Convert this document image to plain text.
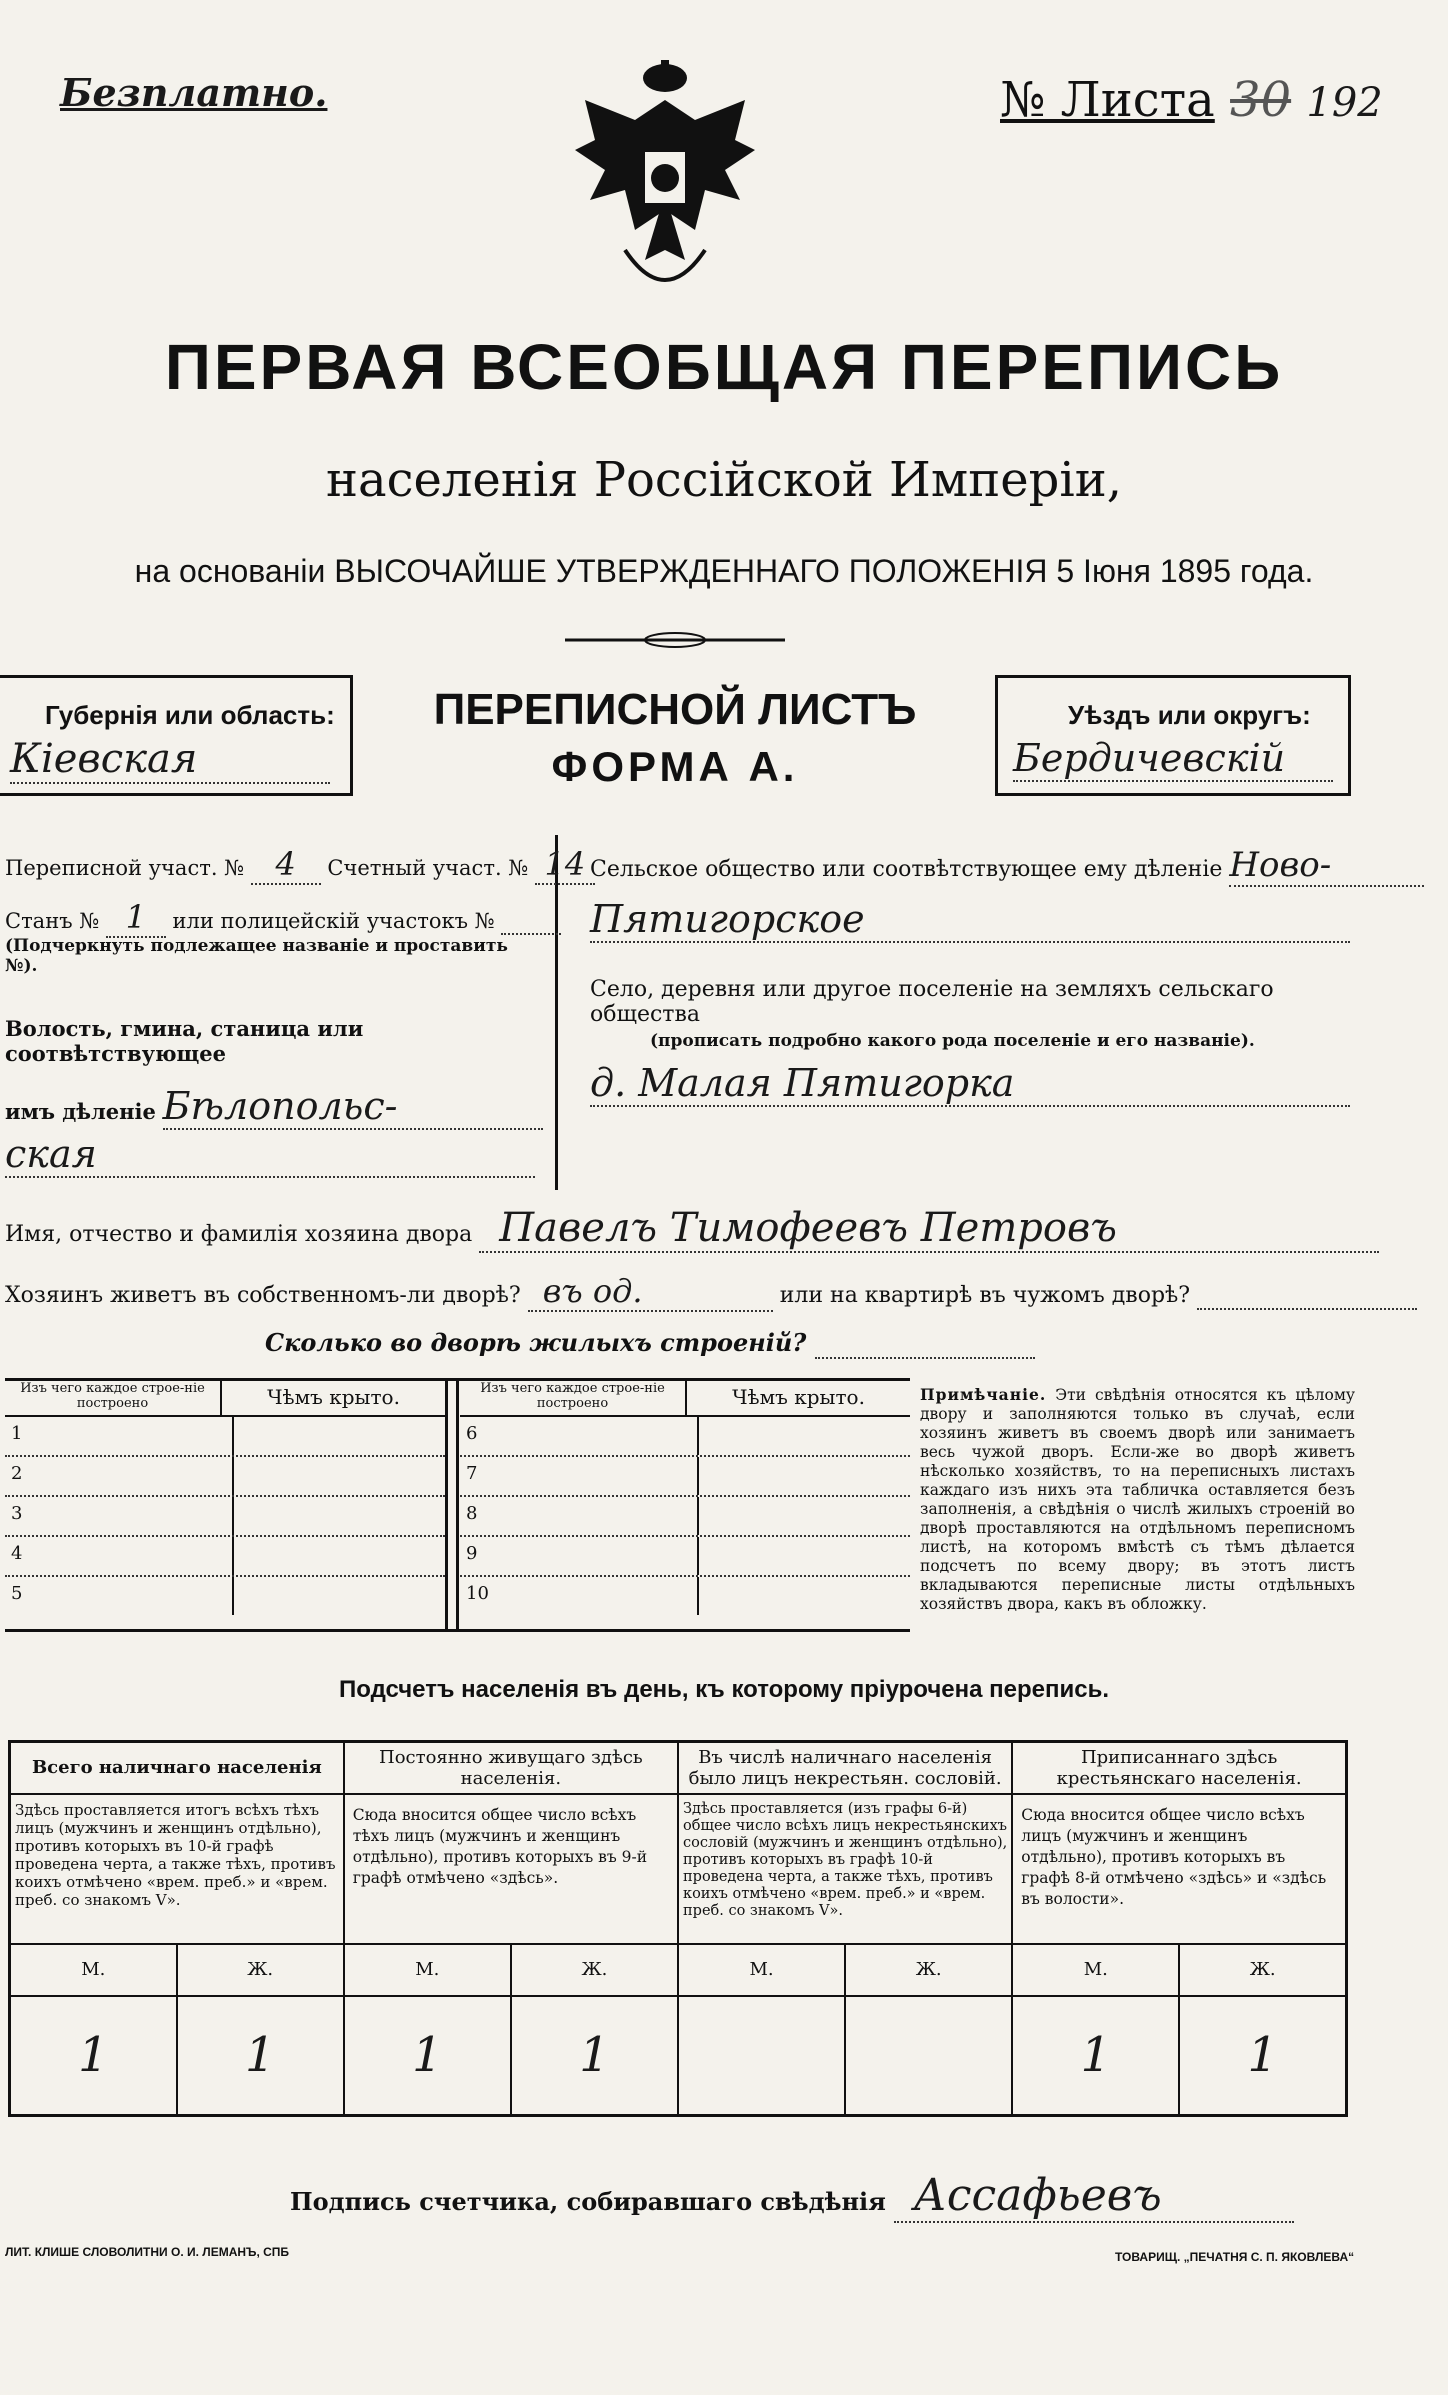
Безплатно.	№ Листа 30 192
ПЕРВАЯ ВСЕОБЩАЯ ПЕРЕПИСЬ
населенія Россійской Имперіи,
на основаніи ВЫСОЧАЙШЕ УТВЕРЖДЕННАГО ПОЛОЖЕНІЯ 5 Іюня 1895 года.
Губернія или область:
Кіевская
ПЕРЕПИСНОЙ ЛИСТЪ
ФОРМА А.
Уѣздъ или округъ:
Бердичевскій
Переписной участ. № 4 Счетный участ. № 14
Станъ № 1 или полицейскій участокъ №
(Подчеркнуть подлежащее названіе и проставить №).
Волость, гмина, станица или соотвѣтствующее
имъ дѣленіе Бѣлопольс-
ская
Сельское общество или соотвѣтствующее ему дѣленіе Ново-
Пятигорское
Село, деревня или другое поселеніе на земляхъ сельскаго общества
(прописать подробно какого рода поселеніе и его названіе).
д. Малая Пятигорка
Имя, отчество и фамилія хозяина двора Павелъ Тимофеевъ Петровъ
Хозяинъ живетъ въ собственномъ-ли дворѣ? въ од.	или на квартирѣ въ чужомъ дворѣ?
Сколько во дворѣ жилыхъ строеній?
Изъ чего каждое строе-ніе построено	Чѣмъ крыто.
1
2
3
4
5
Изъ чего каждое строе-ніе построено	Чѣмъ крыто.
6
7
8
9
10
Примѣчаніе. Эти свѣдѣнія относятся къ цѣлому двору и заполняются только въ случаѣ, если хозяинъ живетъ въ своемъ дворѣ или занимаетъ весь чужой дворъ. Если-же во дворѣ живетъ нѣсколько хозяйствъ, то на переписныхъ листахъ каждаго изъ нихъ эта табличка оставляется безъ заполненія, а свѣдѣнія о числѣ жилыхъ строеній во дворѣ проставляются на отдѣльномъ переписномъ листѣ, на которомъ вмѣстѣ съ тѣмъ дѣлается подсчетъ по всему двору; въ этотъ листъ вкладываются переписные листы отдѣльныхъ хозяйствъ двора, какъ въ обложку.
Подсчетъ населенія въ день, къ которому пріурочена перепись.
Всего наличнаго населенія		Постоянно живущаго здѣсь населенія.		Въ числѣ наличнаго населенія было лицъ некрестьян. сословій.		Приписаннаго здѣсь крестьянскаго населенія.	
Здѣсь проставляется итогъ всѣхъ тѣхъ лицъ (мужчинъ и женщинъ отдѣльно), противъ которыхъ въ 10-й графѣ проведена черта, а также тѣхъ, противъ коихъ отмѣчено «врем. преб.» и «врем. преб. со знакомъ V».		Сюда вносится общее число всѣхъ тѣхъ лицъ (мужчинъ и женщинъ отдѣльно), противъ которыхъ въ 9-й графѣ отмѣчено «здѣсь».		Здѣсь проставляется (изъ графы 6-й) общее число всѣхъ лицъ некрестьянскихъ сословій (мужчинъ и женщинъ отдѣльно), противъ которыхъ въ графѣ 10-й проведена черта, а также тѣхъ, противъ коихъ отмѣчено «врем. преб.» и «врем. преб. со знакомъ V».		Сюда вносится общее число всѣхъ лицъ (мужчинъ и женщинъ отдѣльно), противъ которыхъ въ графѣ 8-й отмѣчено «здѣсь» и «здѣсь въ волости».	
М.	Ж.	М.	Ж.	М.	Ж.	М.	Ж.
1	1	1	1			1	1
Подпись счетчика, собиравшаго свѣдѣнія Ассафьевъ
ЛИТ. КЛИШЕ СЛОВОЛИТНИ О. И. ЛЕМАНЪ, СПБ	ТОВАРИЩ. „ПЕЧАТНЯ С. П. ЯКОВЛЕВА“
